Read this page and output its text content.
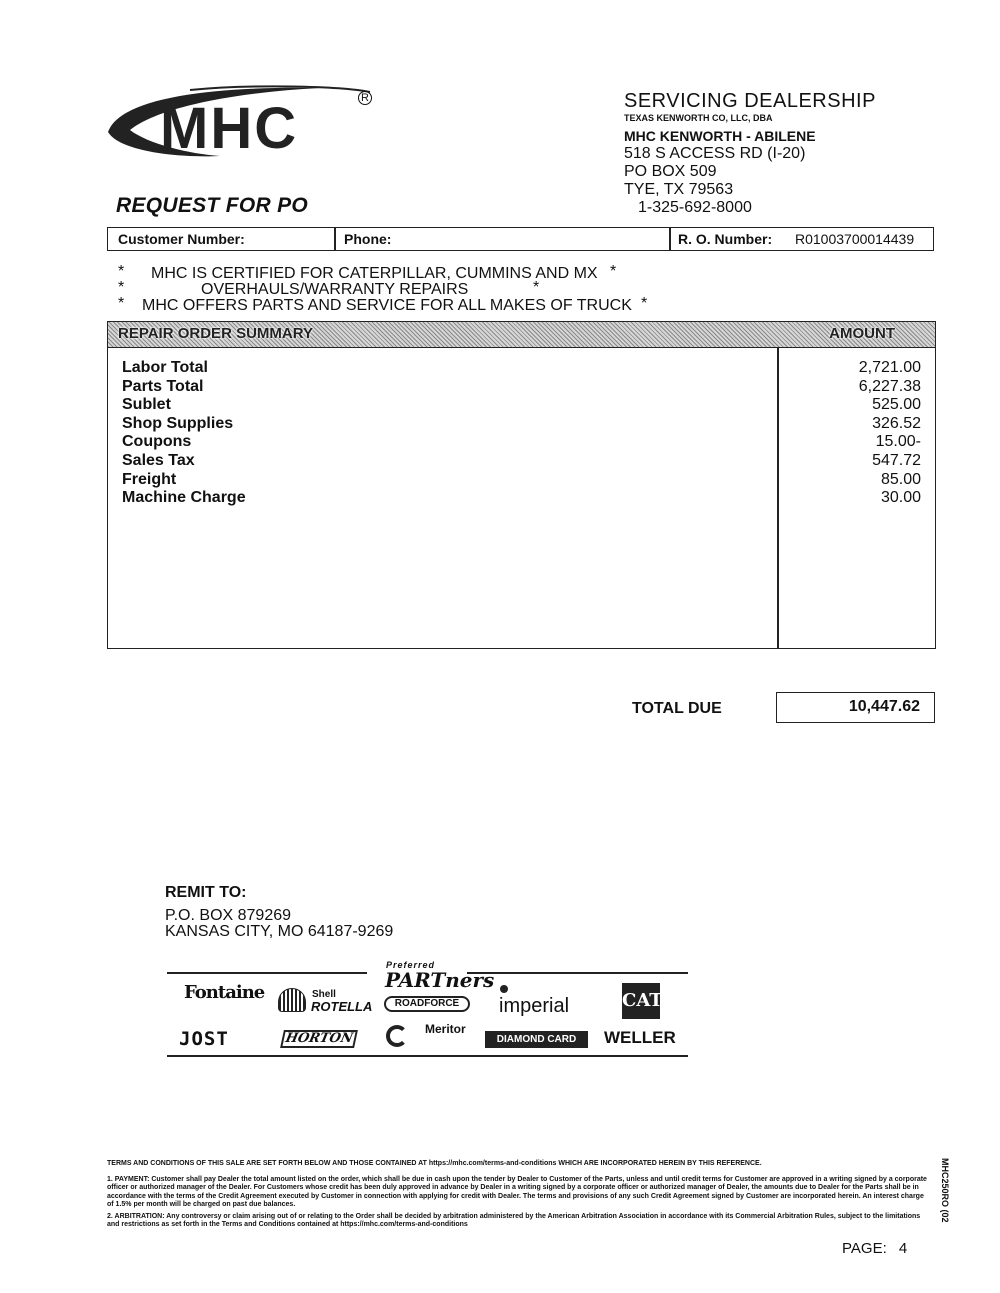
MHC	R	SERVICING DEALERSHIP
TEXAS KENWORTH CO, LLC, DBA
MHC KENWORTH - ABILENE
518 S ACCESS RD (I-20)
PO BOX 509
TYE, TX 79563
1-325-692-8000
REQUEST FOR PO
Customer Number:	Phone:	R. O. Number: R01003700014439
* MHC IS CERTIFIED FOR CATERPILLAR, CUMMINS AND MX *
*	OVERHAULS/WARRANTY REPAIRS	*
* MHC OFFERS PARTS AND SERVICE FOR ALL MAKES OF TRUCK *
REPAIR ORDER SUMMARY	AMOUNT
Labor Total	2,721.00
Parts Total	6,227.38
Sublet	525.00
Shop Supplies	326.52
Coupons	15.00-
Sales Tax	547.72
Freight	85.00
Machine Charge	30.00
TOTAL DUE	10,447.62
REMIT TO:
P.O. BOX 879269
KANSAS CITY, MO 64187-9269
Fontaine	Shell
ROTELLA
Preferred
PARTners
ROADFORCE	imperial	CAT
JOST	HORTON
Meritor
DIAMOND CARD	WELLER

TERMS AND CONDITIONS OF THIS SALE ARE SET FORTH BELOW AND THOSE CONTAINED AT https://mhc.com/terms-and-conditions WHICH ARE INCORPORATED HEREIN BY THIS REFERENCE.

1. PAYMENT: Customer shall pay Dealer the total amount listed on the order, which shall be due in cash upon the tender by Dealer to Customer of the Parts, unless and until credit terms for Customer are approved in a writing signed by a corporate officer or authorized manager of the Dealer. For Customers whose credit has been duly approved in advance by Dealer in a writing signed by a corporate officer or authorized manager of Dealer, the amounts due to Dealer for the Parts shall be in accordance with the terms of the Credit Agreement executed by Customer in connection with applying for credit with Dealer. The terms and provisions of any such Credit Agreement signed by Customer are incorporated herein. An interest charge of 1.5% per month will be charged on past due balances.

2. ARBITRATION: Any controversy or claim arising out of or relating to the Order shall be decided by arbitration administered by the American Arbitration Association in accordance with its Commercial Arbitration Rules, subject to the limitations and restrictions as set forth in the Terms and Conditions contained at https://mhc.com/terms-and-conditions

MHC250RO (02
PAGE: 4
